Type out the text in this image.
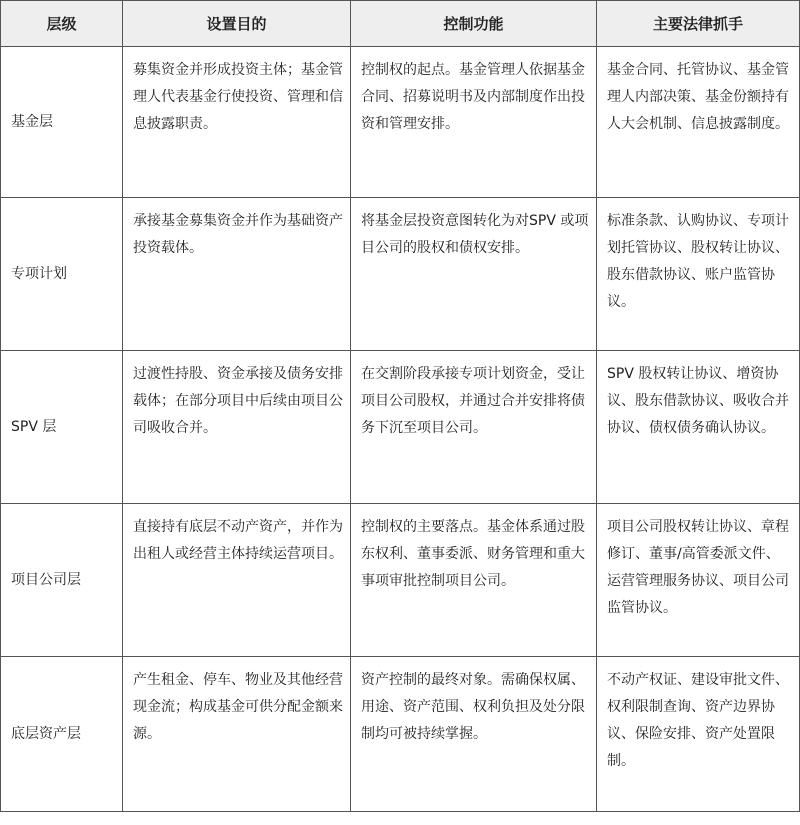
层级	设置目的	控制功能	主要法律抓手
基金层	募集资金并形成投资主体；基金管理人代表基金行使投资、管理和信息披露职责。	控制权的起点。基金管理人依据基金合同、招募说明书及内部制度作出投资和管理安排。	基金合同、托管协议、基金管理人内部决策、基金份额持有人大会机制、信息披露制度。
专项计划	承接基金募集资金并作为基础资产投资载体。	将基金层投资意图转化为对SPV 或项目公司的股权和债权安排。	标准条款、认购协议、专项计划托管协议、股权转让协议、股东借款协议、账户监管协议。
SPV 层	过渡性持股、资金承接及债务安排载体；在部分项目中后续由项目公司吸收合并。	在交割阶段承接专项计划资金，受让项目公司股权，并通过合并安排将债务下沉至项目公司。	SPV 股权转让协议、增资协议、股东借款协议、吸收合并协议、债权债务确认协议。
项目公司层	直接持有底层不动产资产，并作为出租人或经营主体持续运营项目。	控制权的主要落点。基金体系通过股东权利、董事委派、财务管理和重大事项审批控制项目公司。	项目公司股权转让协议、章程修订、董事/高管委派文件、运营管理服务协议、项目公司监管协议。
底层资产层	产生租金、停车、物业及其他经营现金流；构成基金可供分配金额来源。	资产控制的最终对象。需确保权属、用途、资产范围、权利负担及处分限制均可被持续掌握。	不动产权证、建设审批文件、权利限制查询、资产边界协议、保险安排、资产处置限制。
